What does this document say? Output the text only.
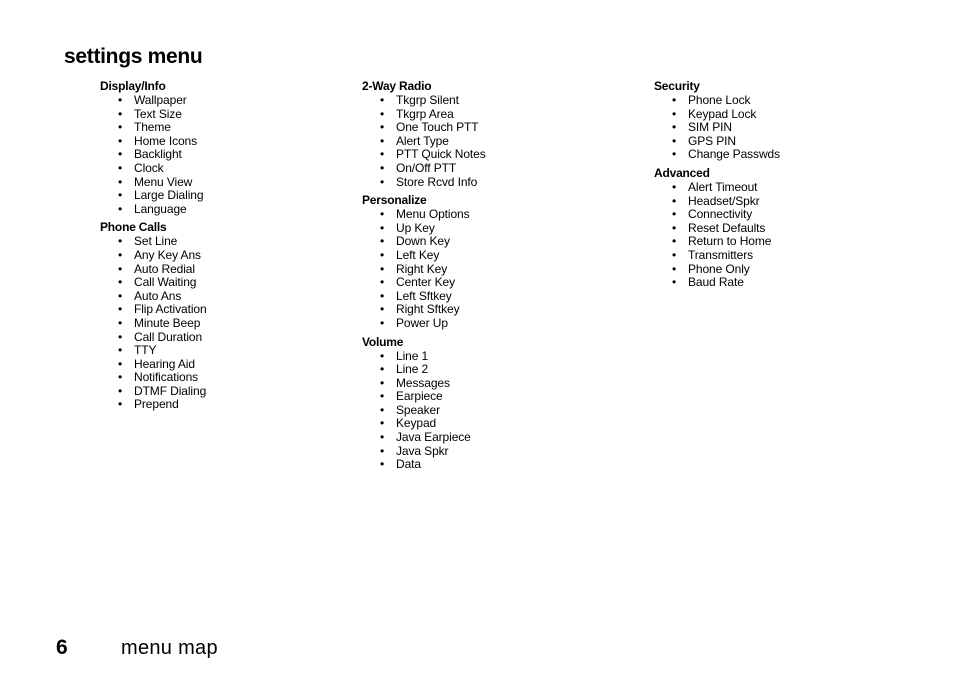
settings menu
Display/Info
• Wallpaper
• Text Size
• Theme
• Home Icons
• Backlight
• Clock
• Menu View
• Large Dialing
• Language
Phone Calls
• Set Line
• Any Key Ans
• Auto Redial
• Call Waiting
• Auto Ans
• Flip Activation
• Minute Beep
• Call Duration
• TTY
• Hearing Aid
• Notifications
• DTMF Dialing
• Prepend
2-Way Radio
• Tkgrp Silent
• Tkgrp Area
• One Touch PTT
• Alert Type
• PTT Quick Notes
• On/Off PTT
• Store Rcvd Info
Personalize
• Menu Options
• Up Key
• Down Key
• Left Key
• Right Key
• Center Key
• Left Sftkey
• Right Sftkey
• Power Up
Volume
• Line 1
• Line 2
• Messages
• Earpiece
• Speaker
• Keypad
• Java Earpiece
• Java Spkr
• Data
Security
• Phone Lock
• Keypad Lock
• SIM PIN
• GPS PIN
• Change Passwds
Advanced
• Alert Timeout
• Headset/Spkr
• Connectivity
• Reset Defaults
• Return to Home
• Transmitters
• Phone Only
• Baud Rate
6	menu map
